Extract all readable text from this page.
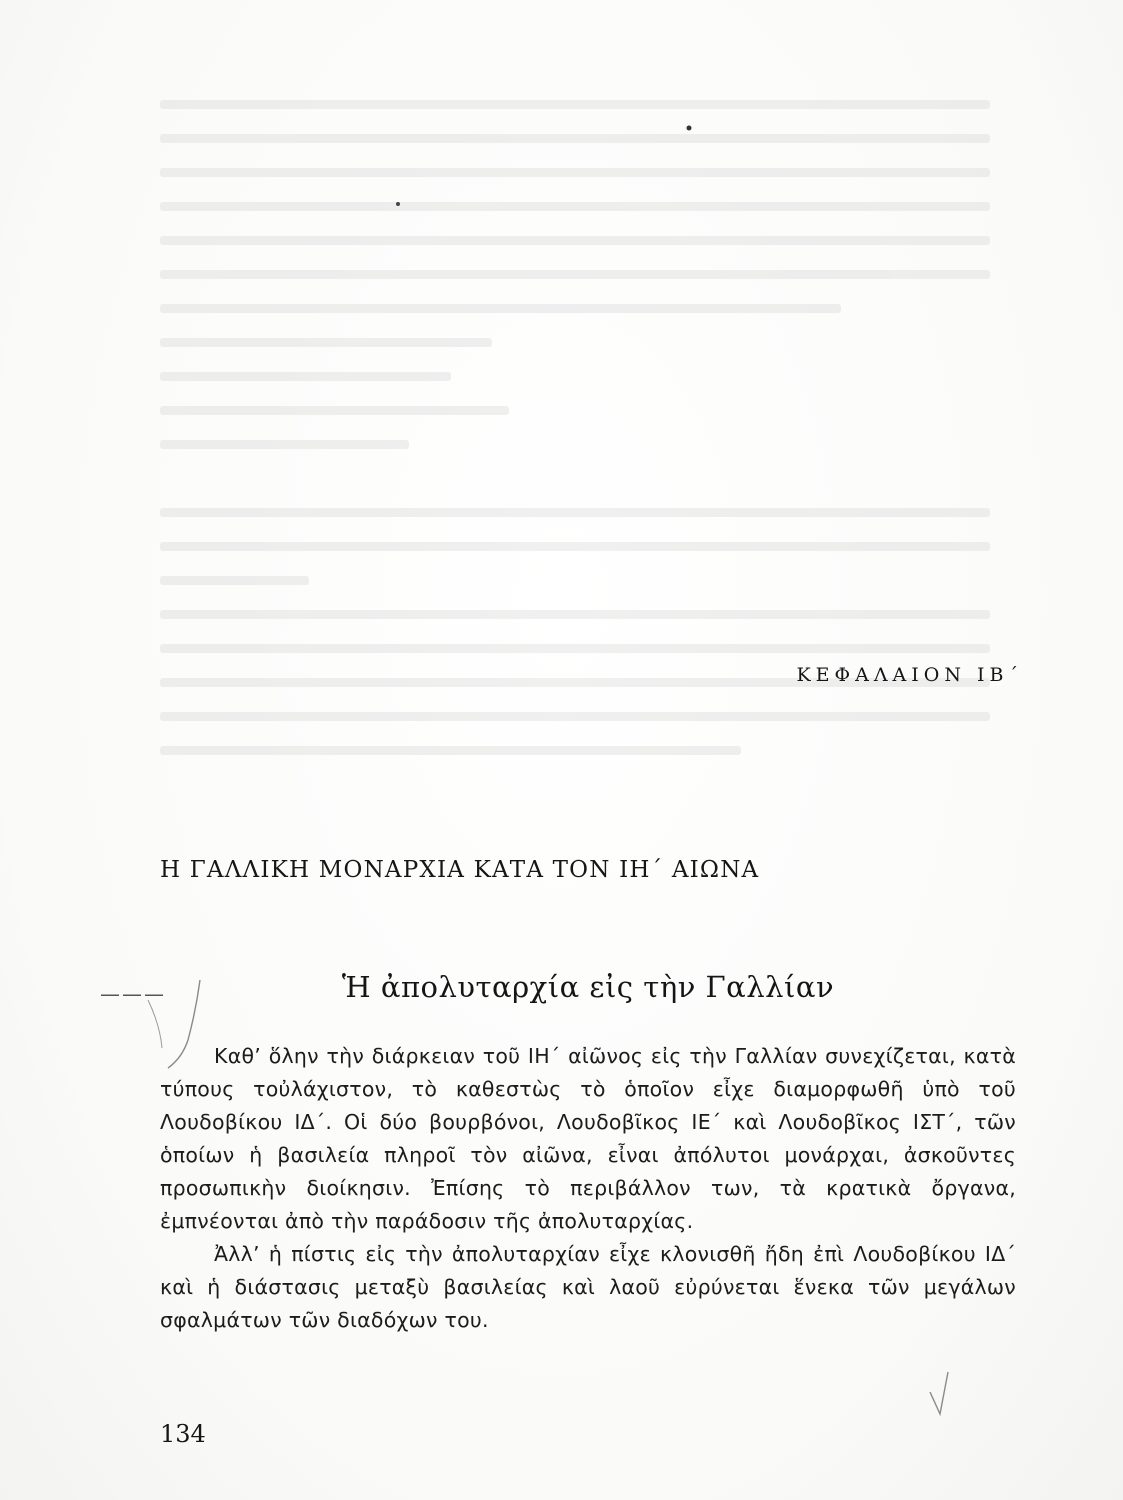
ΚΕΦΑΛΑΙΟΝ ΙΒ΄
Η ΓΑΛΛΙΚΗ ΜΟΝΑΡΧΙΑ ΚΑΤΑ ΤΟΝ ΙΗ΄ ΑΙΩΝΑ
———	Ἡ ἀπολυταρχία εἰς τὴν Γαλλίαν

Καθ’ ὅλην τὴν διάρκειαν τοῦ ΙΗ΄ αἰῶνος εἰς τὴν Γαλλίαν συνεχίζεται, κατὰ τύπους τοὐλάχιστον, τὸ καθεστὼς τὸ ὁποῖον εἶχε διαμορφωθῆ ὑπὸ τοῦ Λουδοβίκου ΙΔ΄. Οἱ δύο βουρβόνοι, Λουδοβῖκος ΙΕ΄ καὶ Λουδοβῖκος ΙΣΤ΄, τῶν ὁποίων ἡ βασιλεία πληροῖ τὸν αἰῶνα, εἶναι ἀπόλυτοι μονάρχαι, ἀσκοῦντες προσωπικὴν διοίκησιν. Ἐπίσης τὸ περιβάλλον των, τὰ κρατικὰ ὄργανα, ἐμπνέονται ἀπὸ τὴν παράδοσιν τῆς ἀπολυταρχίας.

Ἀλλ’ ἡ πίστις εἰς τὴν ἀπολυταρχίαν εἶχε κλονισθῆ ἤδη ἐπὶ Λουδοβίκου ΙΔ΄ καὶ ἡ διάστασις μεταξὺ βασιλείας καὶ λαοῦ εὐρύνεται ἕνεκα τῶν μεγάλων σφαλμάτων τῶν διαδόχων του.

134
